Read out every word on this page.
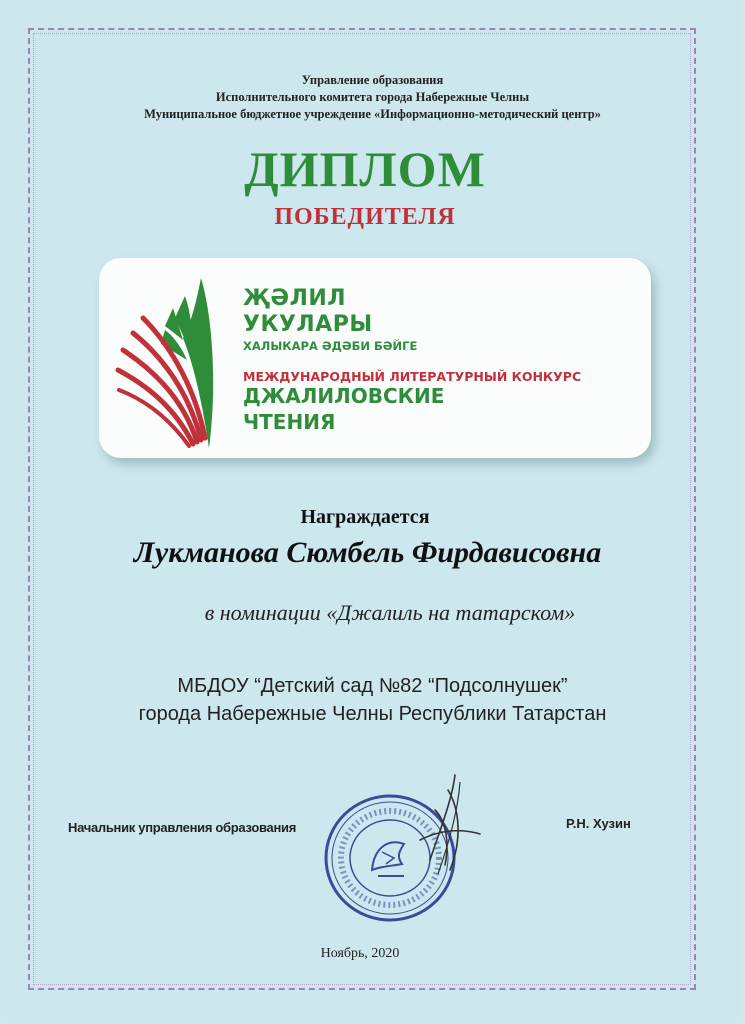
Управление образования
Исполнительного комитета города Набережные Челны
Муниципальное бюджетное учреждение «Информационно-методический центр»
ДИПЛОМ
ПОБЕДИТЕЛЯ
ҖӘЛИЛ
УКУЛАРЫ
ХАЛЫКАРА ӘДӘБИ БӘЙГЕ
МЕЖДУНАРОДНЫЙ ЛИТЕРАТУРНЫЙ КОНКУРС
ДЖАЛИЛОВСКИЕ
ЧТЕНИЯ
Награждается
Лукманова Сюмбель Фирдависовна
в номинации «Джалиль на татарском»
МБДОУ “Детский сад №82 “Подсолнушек”
города Набережные Челны Республики Татарстан
Начальник управления образования	Р.Н. Хузин
Ноябрь, 2020
